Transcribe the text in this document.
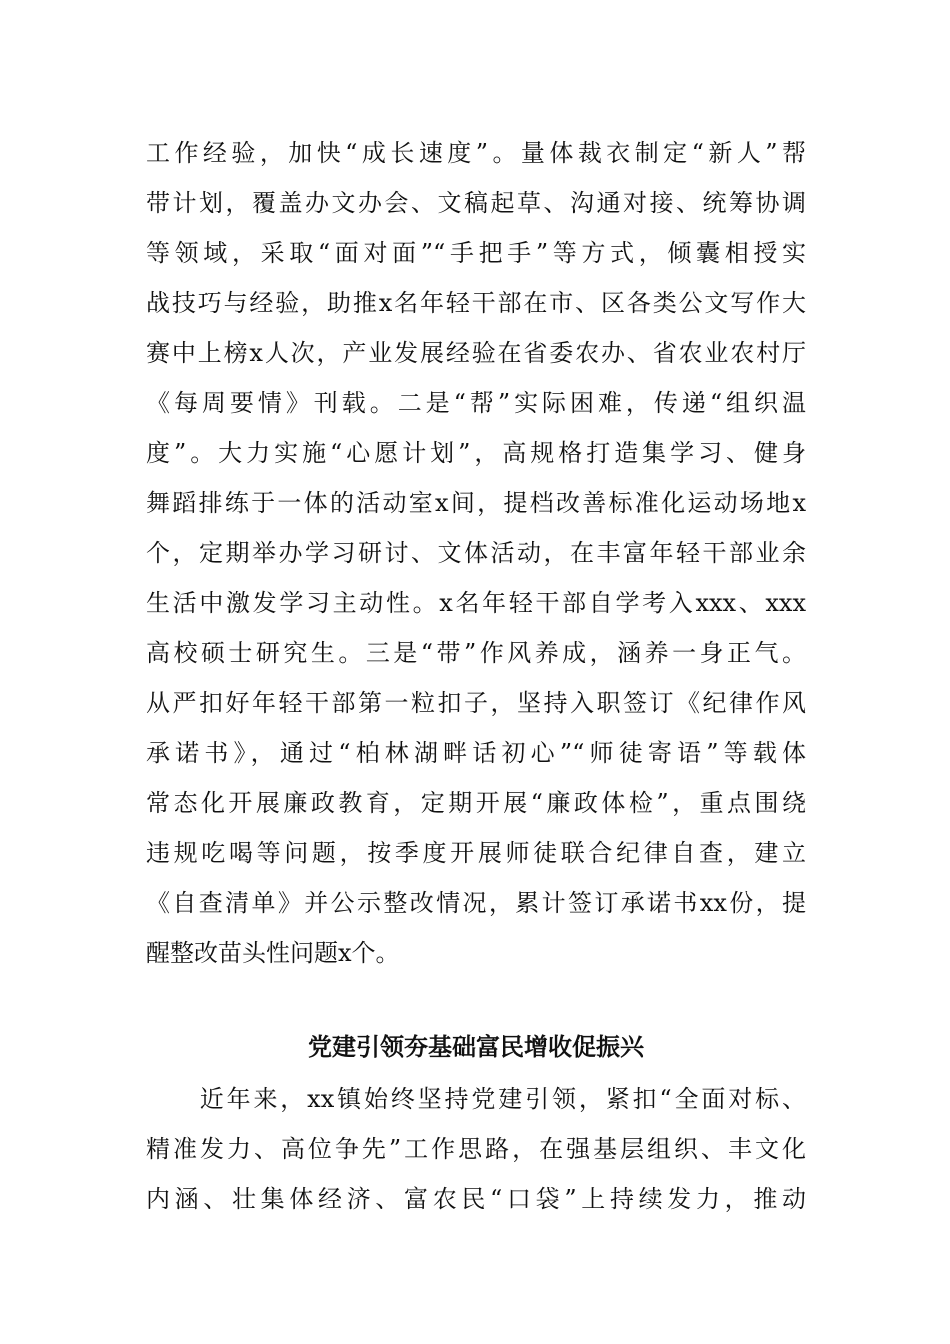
工作经验，加快“成长速度”。量体裁衣制定“新人”帮
带计划，覆盖办文办会、文稿起草、沟通对接、统筹协调
等领域，采取“面对面”“手把手”等方式，倾囊相授实
战技巧与经验，助推x名年轻干部在市、区各类公文写作大
赛中上榜x人次，产业发展经验在省委农办、省农业农村厅
《每周要情》刊载。二是“帮”实际困难，传递“组织温
度”。大力实施“心愿计划”，高规格打造集学习、健身
舞蹈排练于一体的活动室x间，提档改善标准化运动场地x
个，定期举办学习研讨、文体活动，在丰富年轻干部业余
生活中激发学习主动性。x名年轻干部自学考入xxx、xxx
高校硕士研究生。三是“带”作风养成，涵养一身正气。
从严扣好年轻干部第一粒扣子，坚持入职签订《纪律作风
承诺书》，通过“柏林湖畔话初心”“师徒寄语”等载体
常态化开展廉政教育，定期开展“廉政体检”，重点围绕
违规吃喝等问题，按季度开展师徒联合纪律自查，建立
《自查清单》并公示整改情况，累计签订承诺书xx份，提
醒整改苗头性问题x个。
党建引领夯基础富民增收促振兴
　　近年来，xx镇始终坚持党建引领，紧扣“全面对标、
精准发力、高位争先”工作思路，在强基层组织、丰文化
内涵、壮集体经济、富农民“口袋”上持续发力，推动
